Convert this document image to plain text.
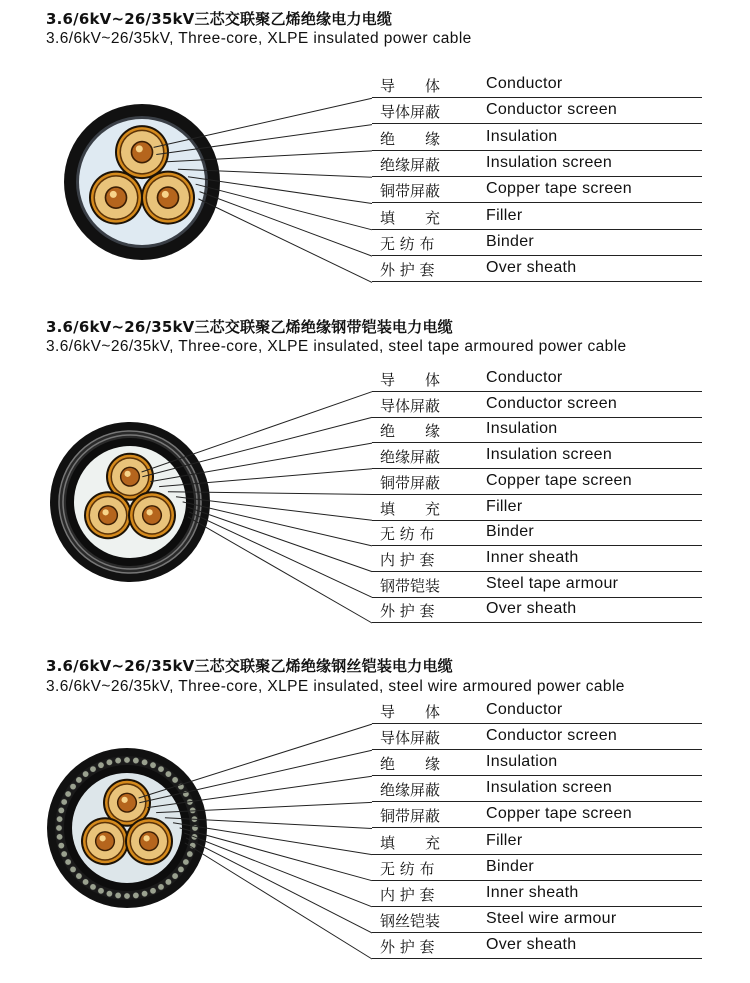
3.6/6kV~26/35kV三芯交联聚乙烯绝缘电力电缆
3.6/6kV~26/35kV, Three-core, XLPE insulated power cable
导　　体	Conductor
导体屏蔽	Conductor screen
绝　　缘	Insulation
绝缘屏蔽	Insulation screen
铜带屏蔽	Copper tape screen
填　　充	Filler
无 纺 布	Binder
外 护 套	Over sheath
3.6/6kV~26/35kV三芯交联聚乙烯绝缘钢带铠装电力电缆
3.6/6kV~26/35kV, Three-core, XLPE insulated, steel tape armoured power cable
导　　体	Conductor
导体屏蔽	Conductor screen
绝　　缘	Insulation
绝缘屏蔽	Insulation screen
铜带屏蔽	Copper tape screen
填　　充	Filler
无 纺 布	Binder
内 护 套	Inner sheath
钢带铠装	Steel tape armour
外 护 套	Over sheath
3.6/6kV~26/35kV三芯交联聚乙烯绝缘钢丝铠装电力电缆
3.6/6kV~26/35kV, Three-core, XLPE insulated, steel wire armoured power cable
导　　体	Conductor
导体屏蔽	Conductor screen
绝　　缘	Insulation
绝缘屏蔽	Insulation screen
铜带屏蔽	Copper tape screen
填　　充	Filler
无 纺 布	Binder
内 护 套	Inner sheath
钢丝铠装	Steel wire armour
外 护 套	Over sheath
